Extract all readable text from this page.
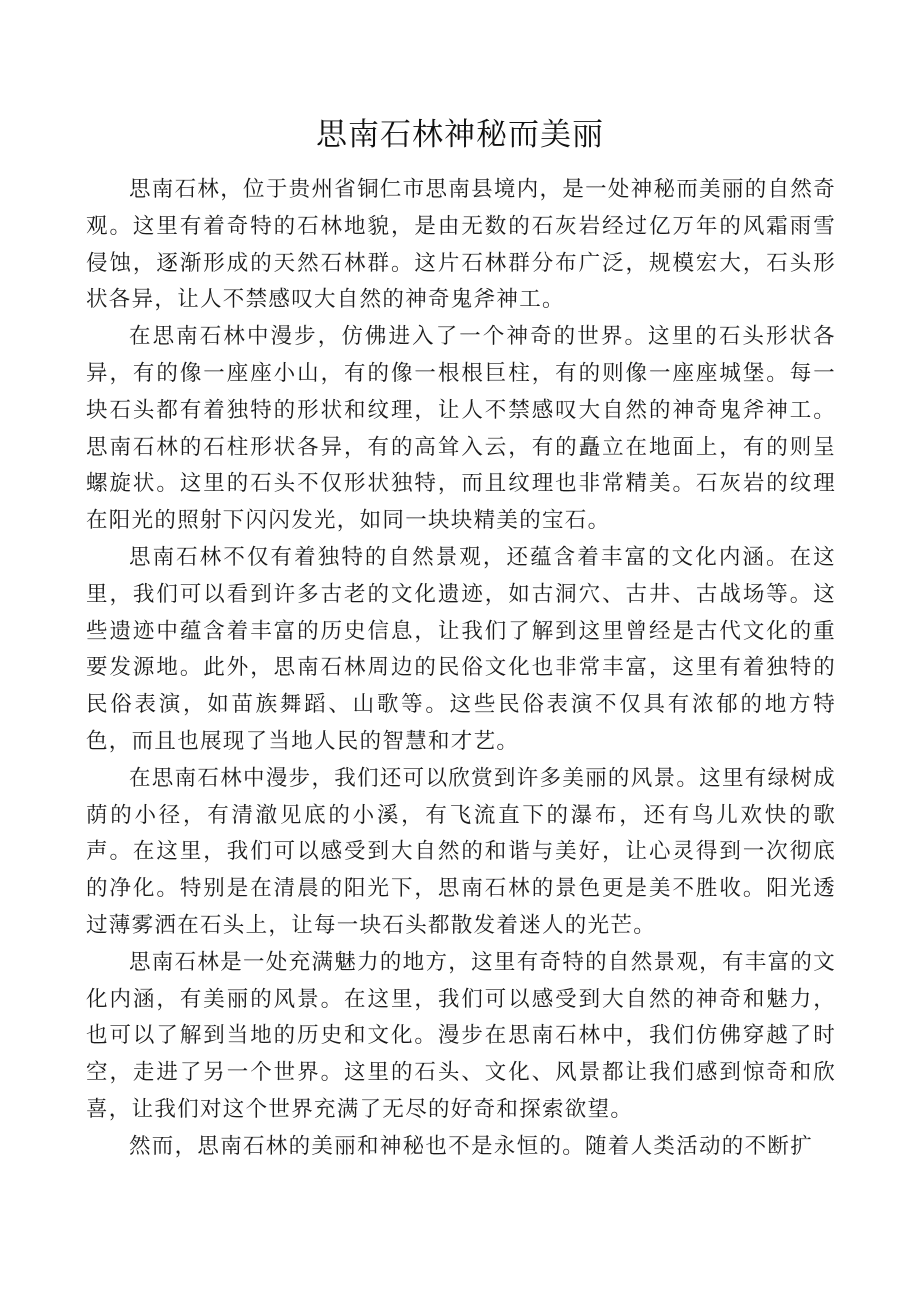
思南石林神秘而美丽

思南石林，位于贵州省铜仁市思南县境内，是一处神秘而美丽的自然奇观。这里有着奇特的石林地貌，是由无数的石灰岩经过亿万年的风霜雨雪侵蚀，逐渐形成的天然石林群。这片石林群分布广泛，规模宏大，石头形状各异，让人不禁感叹大自然的神奇鬼斧神工。

在思南石林中漫步，仿佛进入了一个神奇的世界。这里的石头形状各异，有的像一座座小山，有的像一根根巨柱，有的则像一座座城堡。每一块石头都有着独特的形状和纹理，让人不禁感叹大自然的神奇鬼斧神工。思南石林的石柱形状各异，有的高耸入云，有的矗立在地面上，有的则呈螺旋状。这里的石头不仅形状独特，而且纹理也非常精美。石灰岩的纹理在阳光的照射下闪闪发光，如同一块块精美的宝石。

思南石林不仅有着独特的自然景观，还蕴含着丰富的文化内涵。在这里，我们可以看到许多古老的文化遗迹，如古洞穴、古井、古战场等。这些遗迹中蕴含着丰富的历史信息，让我们了解到这里曾经是古代文化的重要发源地。此外，思南石林周边的民俗文化也非常丰富，这里有着独特的民俗表演，如苗族舞蹈、山歌等。这些民俗表演不仅具有浓郁的地方特色，而且也展现了当地人民的智慧和才艺。

在思南石林中漫步，我们还可以欣赏到许多美丽的风景。这里有绿树成荫的小径，有清澈见底的小溪，有飞流直下的瀑布，还有鸟儿欢快的歌声。在这里，我们可以感受到大自然的和谐与美好，让心灵得到一次彻底的净化。特别是在清晨的阳光下，思南石林的景色更是美不胜收。阳光透过薄雾洒在石头上，让每一块石头都散发着迷人的光芒。

思南石林是一处充满魅力的地方，这里有奇特的自然景观，有丰富的文化内涵，有美丽的风景。在这里，我们可以感受到大自然的神奇和魅力，也可以了解到当地的历史和文化。漫步在思南石林中，我们仿佛穿越了时空，走进了另一个世界。这里的石头、文化、风景都让我们感到惊奇和欣喜，让我们对这个世界充满了无尽的好奇和探索欲望。

然而，思南石林的美丽和神秘也不是永恒的。随着人类活动的不断扩
